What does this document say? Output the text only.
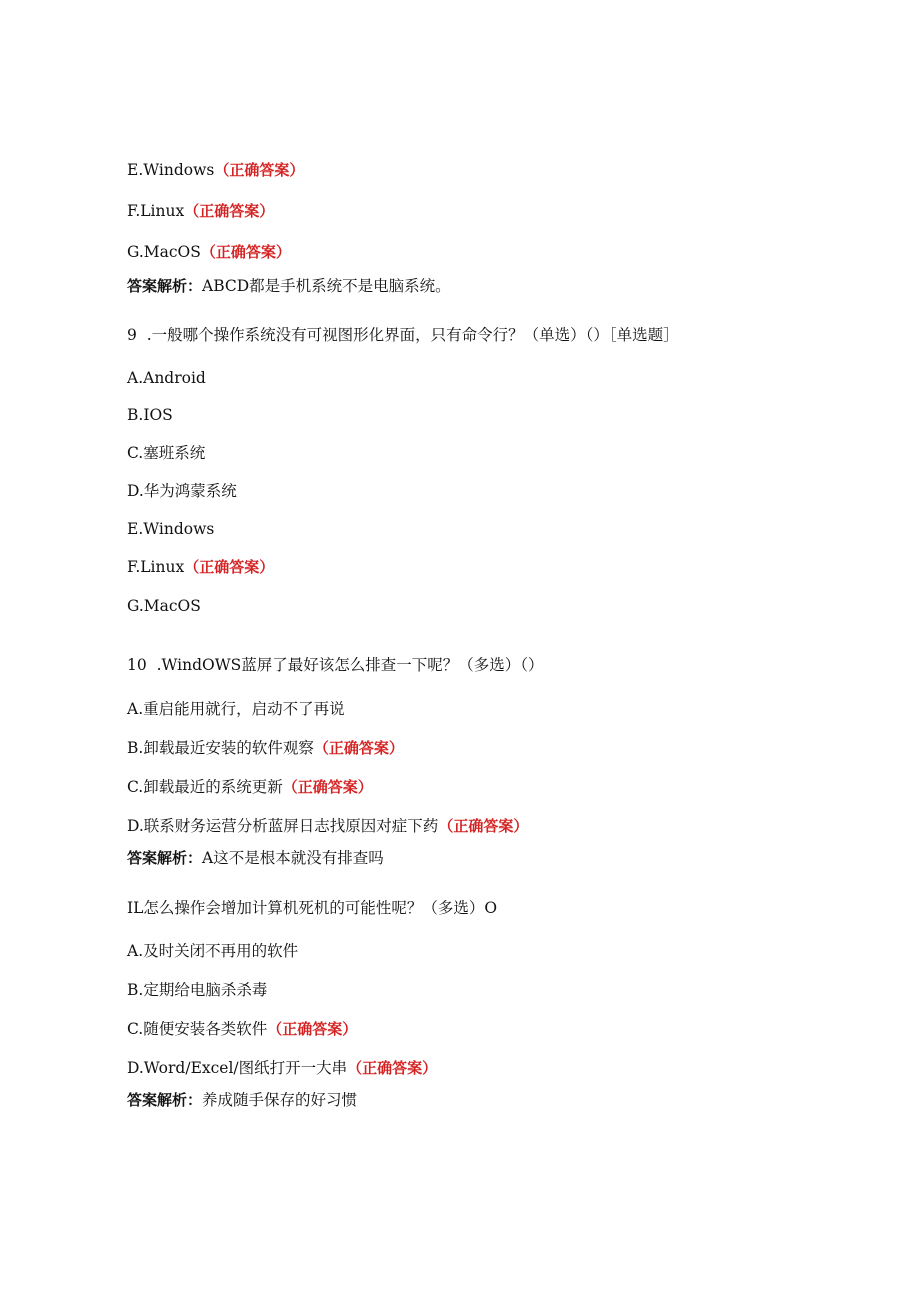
E.Windows（正确答案）
F.Linux（正确答案）
G.MacOS（正确答案）
答案解析：ABCD都是手机系统不是电脑系统。
9  .一般哪个操作系统没有可视图形化界面，只有命令行？（单选）（）［单选题］
A.Android
B.IOS
C.塞班系统
D.华为鸿蒙系统
E.Windows
F.Linux（正确答案）
G.MacOS
10  .WindOWS蓝屏了最好该怎么排查一下呢？（多选）（）
A.重启能用就行，启动不了再说
B.卸载最近安装的软件观察（正确答案）
C.卸载最近的系统更新（正确答案）
D.联系财务运营分析蓝屏日志找原因对症下药（正确答案）
答案解析：A这不是根本就没有排查吗
IL怎么操作会增加计算机死机的可能性呢？（多选）O
A.及时关闭不再用的软件
B.定期给电脑杀杀毒
C.随便安装各类软件（正确答案）
D.Word∕Excel∕图纸打开一大串（正确答案）
答案解析：养成随手保存的好习惯
